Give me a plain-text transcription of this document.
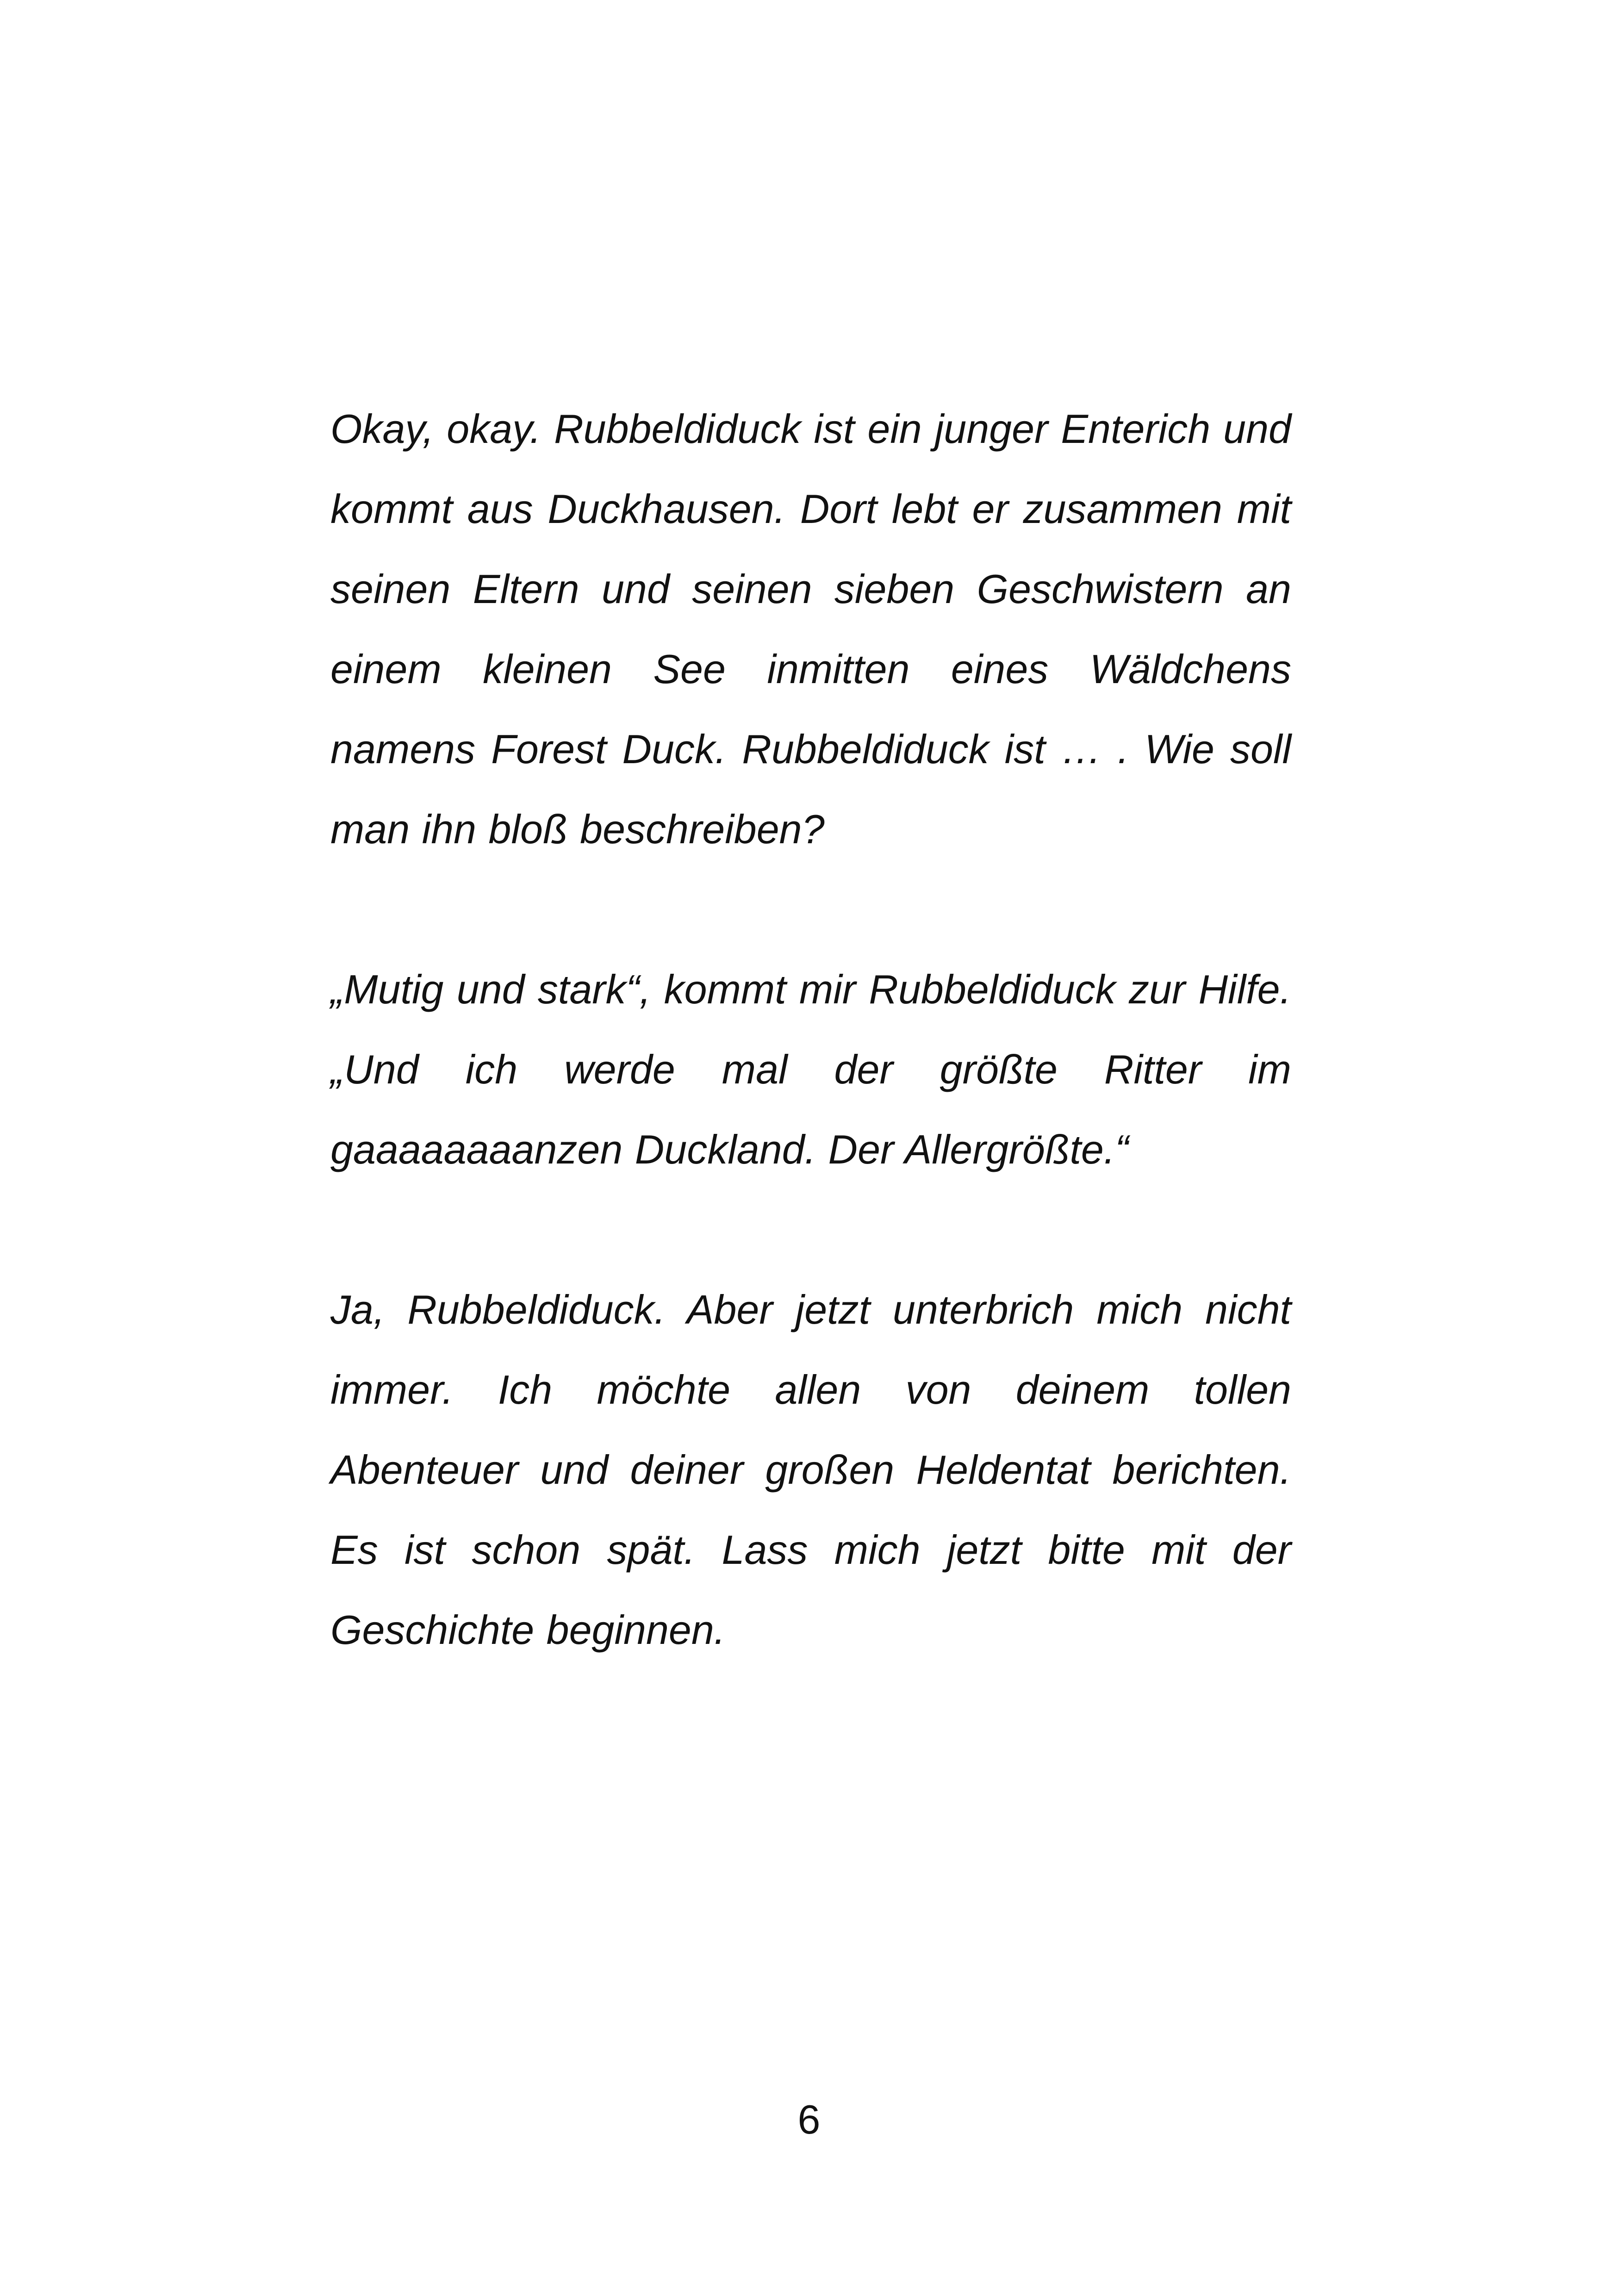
Okay, okay. Rubbeldiduck ist ein junger Enterich und kommt aus Duckhausen. Dort lebt er zusammen mit seinen Eltern und seinen sieben Geschwistern an einem kleinen See inmitten eines Wäldchens namens Forest Duck. Rubbeldiduck ist … . Wie soll man ihn bloß beschreiben?

„Mutig und stark“, kommt mir Rubbeldiduck zur Hilfe. „Und ich werde mal der größte Ritter im gaaaaaaaanzen Duckland. Der Allergrößte.“

Ja, Rubbeldiduck. Aber jetzt unterbrich mich nicht immer. Ich möchte allen von deinem tollen Abenteuer und deiner großen Heldentat berichten. Es ist schon spät. Lass mich jetzt bitte mit der Geschichte beginnen.

6
